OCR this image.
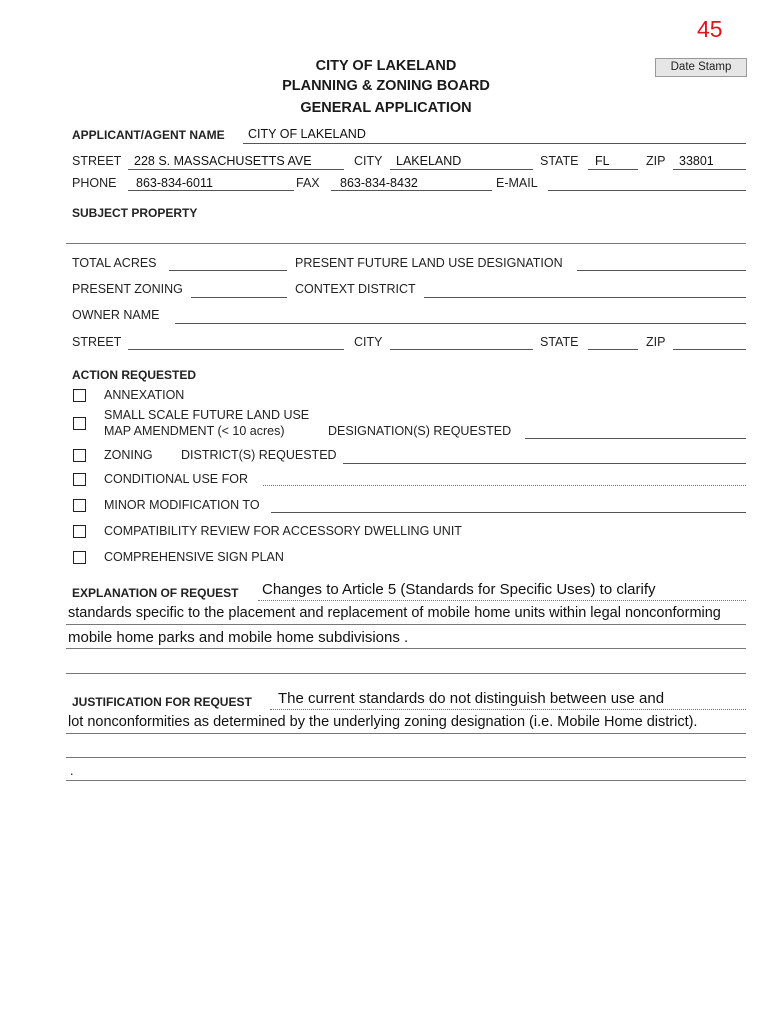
45
Date Stamp
CITY OF LAKELAND
PLANNING & ZONING BOARD
GENERAL APPLICATION
APPLICANT/AGENT NAME CITY OF LAKELAND
STREET 228 S. MASSACHUSETTS AVE	CITY LAKELAND	STATE FL	ZIP 33801
PHONE 863-834-6011	FAX 863-834-8432	E-MAIL
SUBJECT PROPERTY
TOTAL ACRES	PRESENT FUTURE LAND USE DESIGNATION
PRESENT ZONING	CONTEXT DISTRICT
OWNER NAME
STREET	CITY	STATE	ZIP
ACTION REQUESTED
ANNEXATION
SMALL SCALE FUTURE LAND USE
MAP AMENDMENT (< 10 acres)	DESIGNATION(S) REQUESTED
ZONING DISTRICT(S) REQUESTED
CONDITIONAL USE FOR
MINOR MODIFICATION TO
COMPATIBILITY REVIEW FOR ACCESSORY DWELLING UNIT
COMPREHENSIVE SIGN PLAN
EXPLANATION OF REQUEST Changes to Article 5 (Standards for Specific Uses) to clarify
standards specific to the placement and replacement of mobile home units within legal nonconforming
mobile home parks and mobile home subdivisions .
JUSTIFICATION FOR REQUEST The current standards do not distinguish between use and
lot nonconformities as determined by the underlying zoning designation (i.e. Mobile Home district).
.
